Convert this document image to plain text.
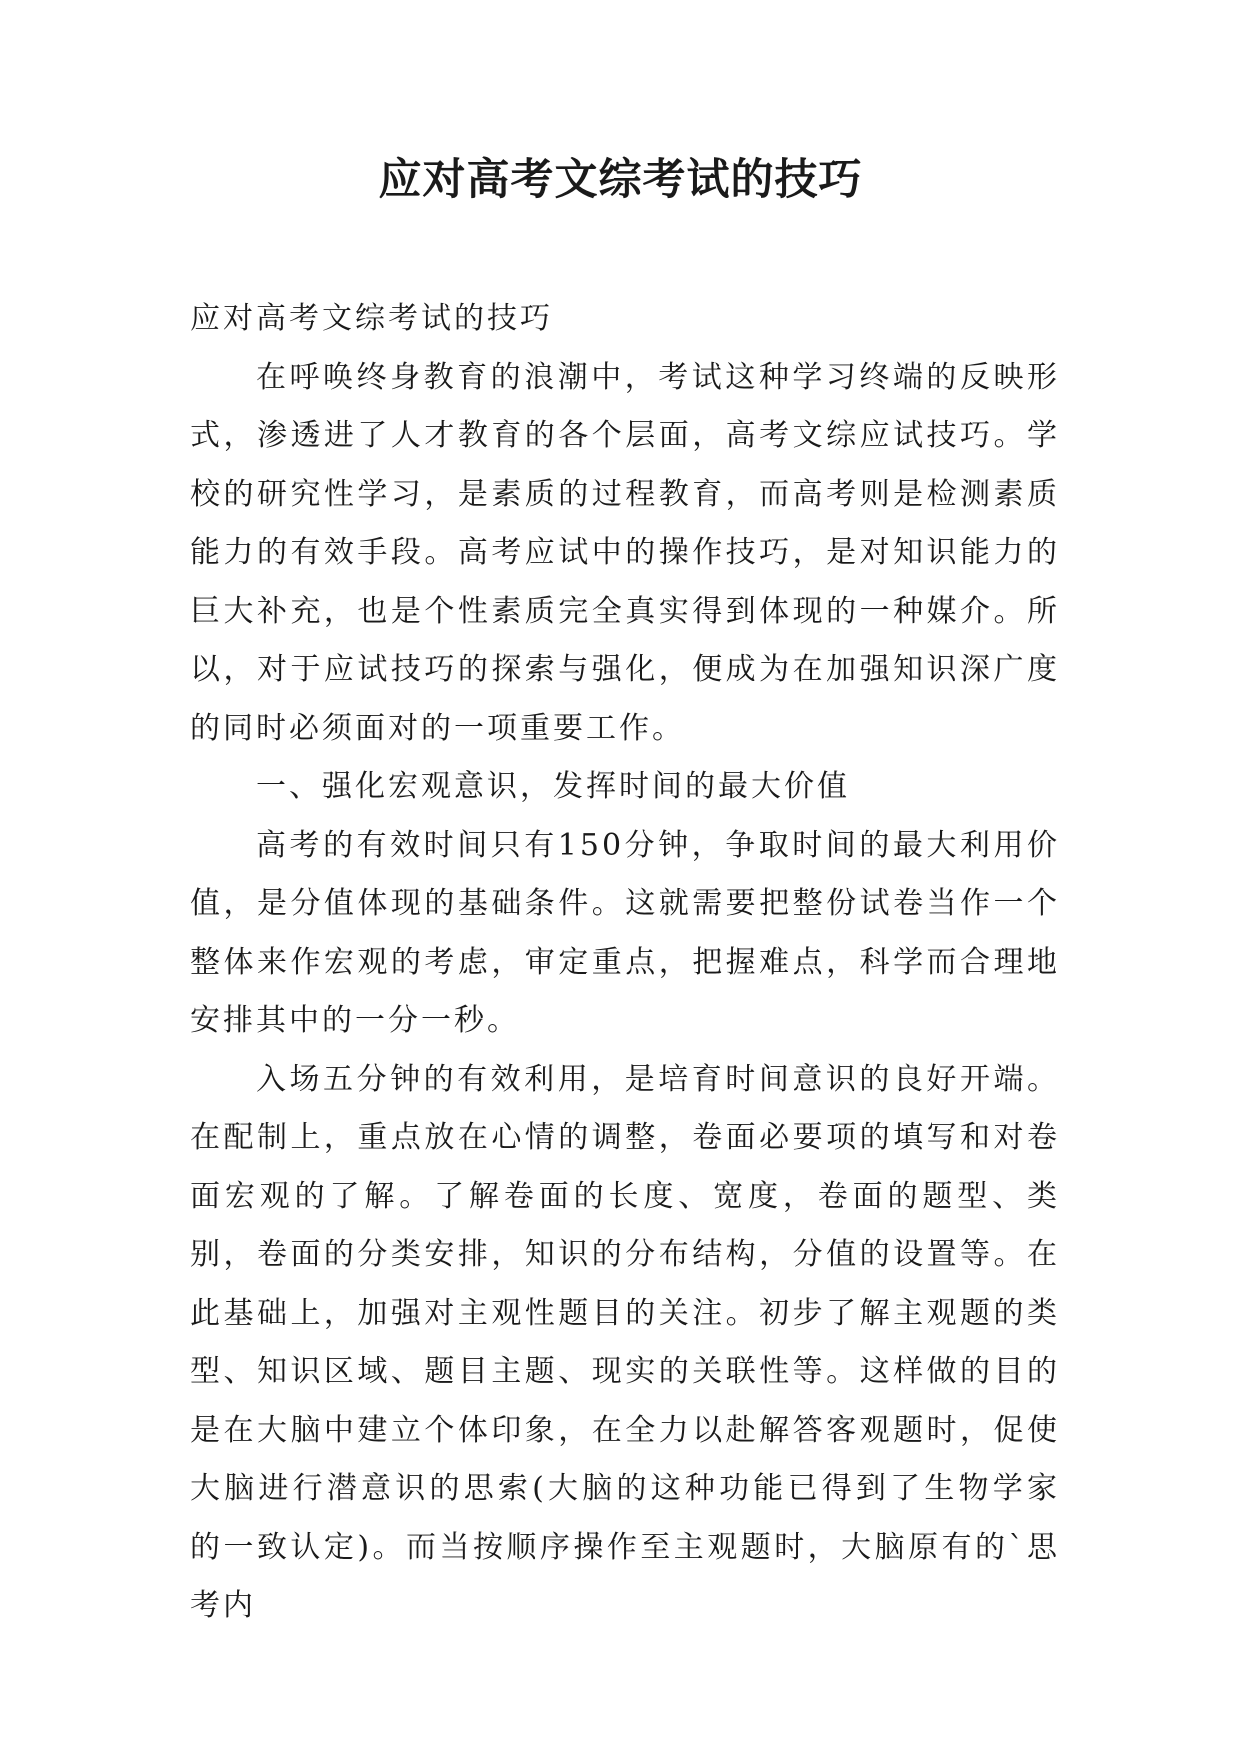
应对高考文综考试的技巧

应对高考文综考试的技巧

在呼唤终身教育的浪潮中，考试这种学习终端的反映形式，渗透进了人才教育的各个层面，高考文综应试技巧。学校的研究性学习，是素质的过程教育，而高考则是检测素质能力的有效手段。高考应试中的操作技巧，是对知识能力的巨大补充，也是个性素质完全真实得到体现的一种媒介。所以，对于应试技巧的探索与强化，便成为在加强知识深广度的同时必须面对的一项重要工作。

一、强化宏观意识，发挥时间的最大价值

高考的有效时间只有150分钟，争取时间的最大利用价值，是分值体现的基础条件。这就需要把整份试卷当作一个整体来作宏观的考虑，审定重点，把握难点，科学而合理地安排其中的一分一秒。

入场五分钟的有效利用，是培育时间意识的良好开端。在配制上，重点放在心情的调整，卷面必要项的填写和对卷面宏观的了解。了解卷面的长度、宽度，卷面的题型、类别，卷面的分类安排，知识的分布结构，分值的设置等。在此基础上，加强对主观性题目的关注。初步了解主观题的类型、知识区域、题目主题、现实的关联性等。这样做的目的是在大脑中建立个体印象，在全力以赴解答客观题时，促使大脑进行潜意识的思索(大脑的这种功能已得到了生物学家的一致认定)。而当按顺序操作至主观题时，大脑原有的`思考内
